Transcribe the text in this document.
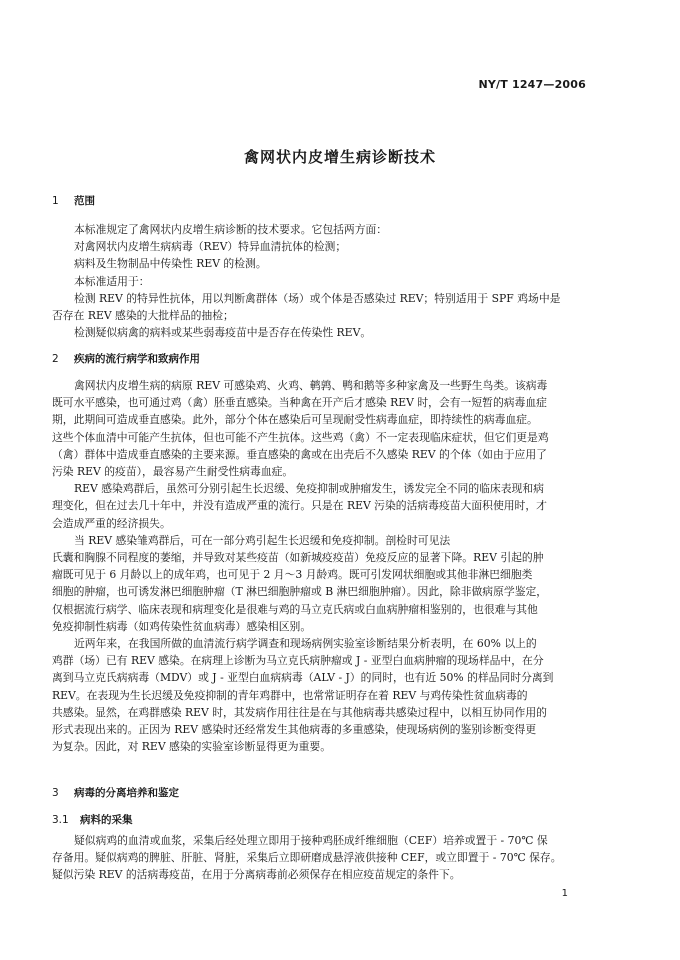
NY/T 1247—2006
禽网状内皮增生病诊断技术
1 范围

本标准规定了禽网状内皮增生病诊断的技术要求。它包括两方面：

对禽网状内皮增生病病毒（REV）特异血清抗体的检测；

病料及生物制品中传染性 REV 的检测。

本标准适用于：

检测 REV 的特异性抗体，用以判断禽群体（场）或个体是否感染过 REV；特别适用于 SPF 鸡场中是

否存在 REV 感染的大批样品的抽检；

检测疑似病禽的病料或某些弱毒疫苗中是否存在传染性 REV。

2 疾病的流行病学和致病作用

禽网状内皮增生病的病原 REV 可感染鸡、火鸡、鹌鹑、鸭和鹅等多种家禽及一些野生鸟类。该病毒

既可水平感染，也可通过鸡（禽）胚垂直感染。当种禽在开产后才感染 REV 时，会有一短暂的病毒血症

期，此期间可造成垂直感染。此外，部分个体在感染后可呈现耐受性病毒血症，即持续性的病毒血症。

这些个体血清中可能产生抗体，但也可能不产生抗体。这些鸡（禽）不一定表现临床症状，但它们更是鸡

（禽）群体中造成垂直感染的主要来源。垂直感染的禽或在出壳后不久感染 REV 的个体（如由于应用了

污染 REV 的疫苗），最容易产生耐受性病毒血症。

REV 感染鸡群后，虽然可分别引起生长迟缓、免疫抑制或肿瘤发生，诱发完全不同的临床表现和病

理变化，但在过去几十年中，并没有造成严重的流行。只是在 REV 污染的活病毒疫苗大面积使用时，才

会造成严重的经济损失。

当 REV 感染雏鸡群后，可在一部分鸡引起生长迟缓和免疫抑制。剖检时可见法

氏囊和胸腺不同程度的萎缩，并导致对某些疫苗（如新城疫疫苗）免疫反应的显著下降。REV 引起的肿

瘤既可见于 6 月龄以上的成年鸡，也可见于 2 月～3 月龄鸡。既可引发网状细胞或其他非淋巴细胞类

细胞的肿瘤，也可诱发淋巴细胞肿瘤（T 淋巴细胞肿瘤或 B 淋巴细胞肿瘤）。因此，除非做病原学鉴定，

仅根据流行病学、临床表现和病理变化是很难与鸡的马立克氏病或白血病肿瘤相鉴别的，也很难与其他

免疫抑制性病毒（如鸡传染性贫血病毒）感染相区别。

近两年来，在我国所做的血清流行病学调查和现场病例实验室诊断结果分析表明，在 60% 以上的

鸡群（场）已有 REV 感染。在病理上诊断为马立克氏病肿瘤或 J - 亚型白血病肿瘤的现场样品中，在分

离到马立克氏病病毒（MDV）或 J - 亚型白血病病毒（ALV - J）的同时，也有近 50% 的样品同时分离到

REV。在表现为生长迟缓及免疫抑制的青年鸡群中，也常常证明存在着 REV 与鸡传染性贫血病毒的

共感染。显然，在鸡群感染 REV 时，其发病作用往往是在与其他病毒共感染过程中，以相互协同作用的

形式表现出来的。正因为 REV 感染时还经常发生其他病毒的多重感染，使现场病例的鉴别诊断变得更

为复杂。因此，对 REV 感染的实验室诊断显得更为重要。

3 病毒的分离培养和鉴定
3.1 病料的采集

疑似病鸡的血清或血浆，采集后经处理立即用于接种鸡胚成纤维细胞（CEF）培养或置于 - 70℃ 保

存备用。疑似病鸡的脾脏、肝脏、肾脏，采集后立即研磨成悬浮液供接种 CEF，或立即置于 - 70℃ 保存。

疑似污染 REV 的活病毒疫苗，在用于分离病毒前必须保存在相应疫苗规定的条件下。

1
